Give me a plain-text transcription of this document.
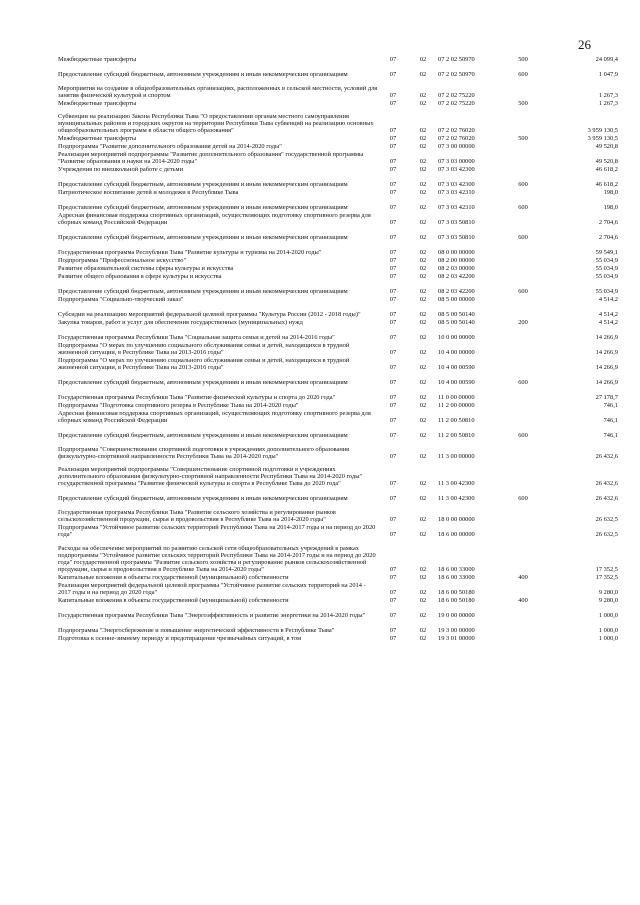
26
Межбюджетные трансферты	07	02	07 2 02 50970	500	24 099,4
Предоставление субсидий бюджетным, автономным учреждениям и иным некоммерческим организациям	07	02	07 2 02 50970	600	1 047,9
Мероприятия на создание в общеобразовательных организациях, расположенных в сельской местности, условий для занятия физической культурой и спортом	07	02	07 2 02 75220		1 267,3
Межбюджетные трансферты	07	02	07 2 02 75220	500	1 267,3
Субвенции на реализацию Закона Республики Тыва "О предоставлении органам местного самоуправления муниципальных районов и городских округов на территории Республики Тыва субвенций на реализацию основных общеобразовательных программ в области общего образования"	07	02	07 2 02 76020		3 959 130,5
Межбюджетные трансферты	07	02	07 2 02 76020	500	3 959 130,5
Подпрограмма "Развитие дополнительного образования детей на 2014-2020 годы"	07	02	07 3 00 00000		49 520,8
Реализация мероприятий подпрограммы "Развитие дополнительного образования" государственной программы "Развитие образования и науки на 2014-2020 годы"	07	02	07 3 03 00000		49 520,8
Учреждения по внешкольной работе с детьми	07	02	07 3 03 42300		46 618,2
Предоставление субсидий бюджетным, автономным учреждениям и иным некоммерческим организациям	07	02	07 3 03 42300	600	46 618,2
Патриотическое воспитание детей и молодежи в Республике Тыва	07	02	07 3 03 42310		198,0
Предоставление субсидий бюджетным, автономным учреждениям и иным некоммерческим организациям	07	02	07 3 03 42310	600	198,0
Адресная финансовая поддержка спортивных организаций, осуществляющих подготовку спортивного резерва для сборных команд Российской Федерации	07	02	07 3 03 50810		2 704,6
Предоставление субсидий бюджетным, автономным учреждениям и иным некоммерческим организациям	07	02	07 3 03 50810	600	2 704,6
Государственная программа Республики Тыва "Развитие культуры и туризма на 2014-2020 годы"	07	02	08 0 00 00000		59 549,1
Подпрограмма "Профессиональное искусство"	07	02	08 2 00 00000		55 034,9
Развитие образовательной системы сферы культуры и искусства	07	02	08 2 03 00000		55 034,9
Развитие общего образования в сфере культуры и искусства	07	02	08 2 03 42200		55 034,9
Предоставление субсидий бюджетным, автономным учреждениям и иным некоммерческим организациям	07	02	08 2 03 42200	600	55 034,9
Подпрограмма "Социально-творческий заказ"	07	02	08 5 00 00000		4 514,2
Субсидии на реализацию мероприятий федеральной целевой программы "Культура России (2012 - 2018 годы)"	07	02	08 5 00 50140		4 514,2
Закупка товаров, работ и услуг для обеспечения государственных (муниципальных) нужд	07	02	08 5 00 50140	200	4 514,2
Государственная программа Республики Тыва "Социальная защита семьи и детей на 2014-2016 годы"	07	02	10 0 00 00000		14 266,9
Подпрограмма "О мерах по улучшению социального обслуживания семьи и детей, находящихся в трудной жизненной ситуации, в Республике Тыва на 2013-2016 годы"	07	02	10 4 00 00000		14 266,9
Подпрограмма "О мерах по улучшению социального обслуживания семьи и детей, находящихся в трудной жизненной ситуации, в Республике Тыва на 2013-2016 годы"	07	02	10 4 00 00590		14 266,9
Предоставление субсидий бюджетным, автономным учреждениям и иным некоммерческим организациям	07	02	10 4 00 00590	600	14 266,9
Государственная программа Республики Тыва "Развитие физической культуры и спорта до 2020 года"	07	02	11 0 00 00000		27 178,7
Подпрограмма "Подготовка спортивного резерва в Республике Тыва на 2014-2020 годы"	07	02	11 2 00 00000		746,1
Адресная финансовая поддержка спортивных организаций, осуществляющих подготовку спортивного резерва для сборных команд Российской Федерации	07	02	11 2 00 50810		746,1
Предоставление субсидий бюджетным, автономным учреждениям и иным некоммерческим организациям	07	02	11 2 00 50810	600	746,1
Подпрограмма "Совершенствование спортивной подготовки в учреждениях дополнительного образования физкультурно-спортивной направленности Республики Тыва на 2014-2020 годы"	07	02	11 3 00 00000		26 432,6
Реализация мероприятий подпрограммы "Совершенствование спортивной подготовки в учреждениях дополнительного образования физкультурно-спортивной направленности Республики Тыва на 2014-2020 годы" государственной программы "Развитие физической культуры и спорта в Республике Тыва до 2020 года"	07	02	11 3 00 42300		26 432,6
Предоставление субсидий бюджетным, автономным учреждениям и иным некоммерческим организациям	07	02	11 3 00 42300	600	26 432,6
Государственная программа Республики Тыва "Развитие сельского хозяйства и регулирование рынков сельскохозяйственной продукции, сырья и продовольствия в Республике Тыва на 2014-2020 годы"	07	02	18 0 00 00000		26 632,5
Подпрограмма "Устойчивое развитие сельских территорий Республики Тыва на 2014-2017 годы и на период до 2020 года"	07	02	18 6 00 00000		26 632,5
Расходы на обеспечение мероприятий по развитию сельской сети общеобразовательных учреждений в рамках подпрограммы "Устойчивое развитие сельских территорий Республики Тыва на 2014-2017 годы и на период до 2020 года" государственной программы "Развитие сельского хозяйства и регулирование рынков сельскохозяйственной продукции, сырья и продовольствия в Республике Тыва на 2014-2020 годы"	07	02	18 6 00 33000		17 352,5
Капитальные вложения в объекты государственной (муниципальной) собственности	07	02	18 6 00 33000	400	17 352,5
Реализация мероприятий федеральной целевой программы "Устойчивое развитие сельских территорий на 2014 - 2017 годы и на период до 2020 года"	07	02	18 6 00 50180		9 280,0
Капитальные вложения в объекты государственной (муниципальной) собственности	07	02	18 6 00 50180	400	9 280,0
Государственная программа Республики Тыва "Энергоэффективность и развитие энергетики на 2014-2020 годы"	07	02	19 0 00 00000		1 000,0
Подпрограмма "Энергосбережение и повышение энергетической эффективности в Республике Тыва"	07	02	19 3 00 00000		1 000,0
Подготовка к осенне-зимнему периоду и предотвращение чрезвычайных ситуаций, в том	07	02	19 3 01 00000		1 000,0
